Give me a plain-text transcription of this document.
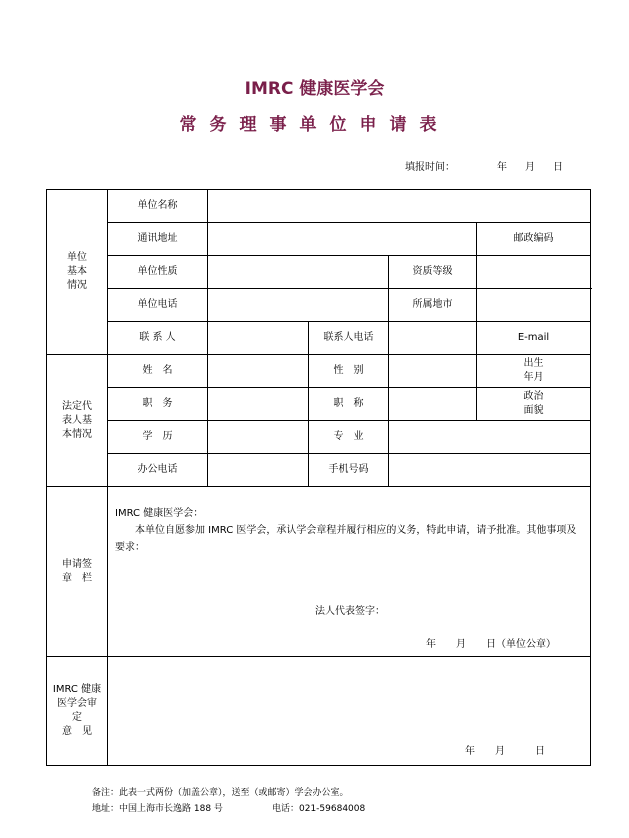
IMRC 健康医学会
常务理事单位申请表
填报时间：	年 月 日
单位
基本
情况	单位名称					
	通讯地址				邮政编码	
	单位性质			资质等级		
	单位电话			所属地市		
	联 系 人		联系人电话		E-mail	

法定代
表人基
本情况	姓　名		性　别		出生
年月	

	职　务		职　称		政治
面貌	

	学　历		专　业			
	办公电话		手机号码			

申请签
章　栏	IMRC 健康医学会：
本单位自愿参加 IMRC 医学会，承认学会章程并履行相应的义务，特此申请，请予批准。其他事项及要求：
法人代表签字：
年　　月　　日（单位公章）					

IMRC 健康
医学会审
定
意　见	年　　月　　　日					
备注：此表一式两份（加盖公章），送至（或邮寄）学会办公室。
地址：中国上海市长逸路 188 号	电话：021-59684008
